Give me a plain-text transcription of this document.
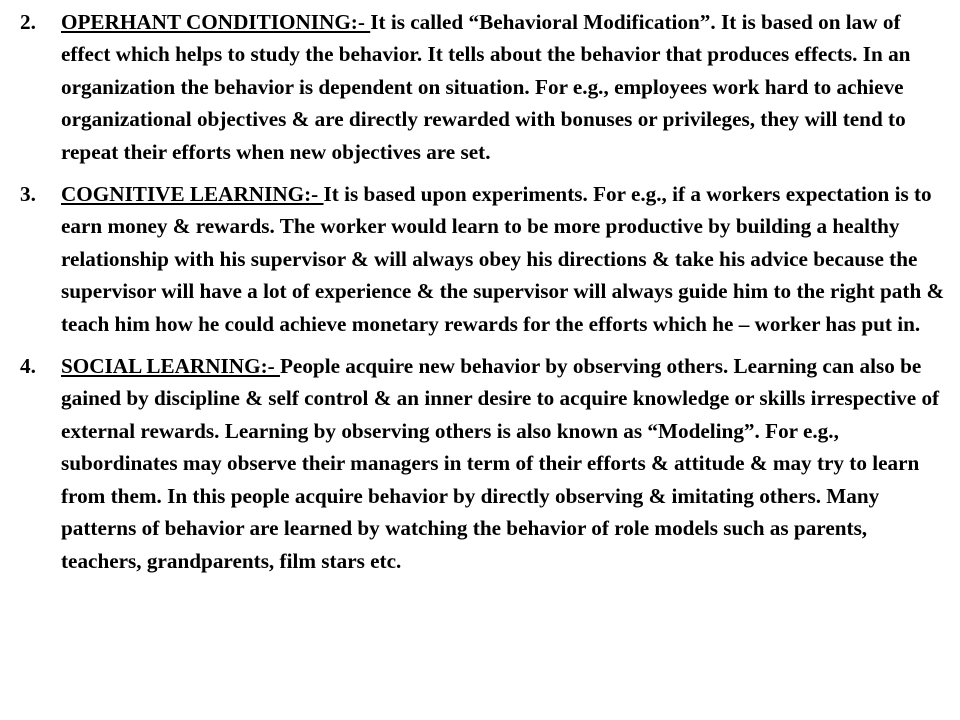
2. OPERHANT CONDITIONING:- It is called “Behavioral Modification”. It is based on law of effect which helps to study the behavior. It tells about the behavior that produces effects. In an organization the behavior is dependent on situation. For e.g., employees work hard to achieve organizational objectives & are directly rewarded with bonuses or privileges, they will tend to repeat their efforts when new objectives are set.
3. COGNITIVE LEARNING:- It is based upon experiments. For e.g., if a workers expectation is to earn money & rewards. The worker would learn to be more productive by building a healthy relationship with his supervisor & will always obey his directions & take his advice because the supervisor will have a lot of experience & the supervisor will always guide him to the right path & teach him how he could achieve monetary rewards for the efforts which he – worker has put in.
4. SOCIAL LEARNING:- People acquire new behavior by observing others. Learning can also be gained by discipline & self control & an inner desire to acquire knowledge or skills irrespective of external rewards. Learning by observing others is also known as “Modeling”. For e.g., subordinates may observe their managers in term of their efforts & attitude & may try to learn from them. In this people acquire behavior by directly observing & imitating others. Many patterns of behavior are learned by watching the behavior of role models such as parents, teachers, grandparents, film stars etc.
